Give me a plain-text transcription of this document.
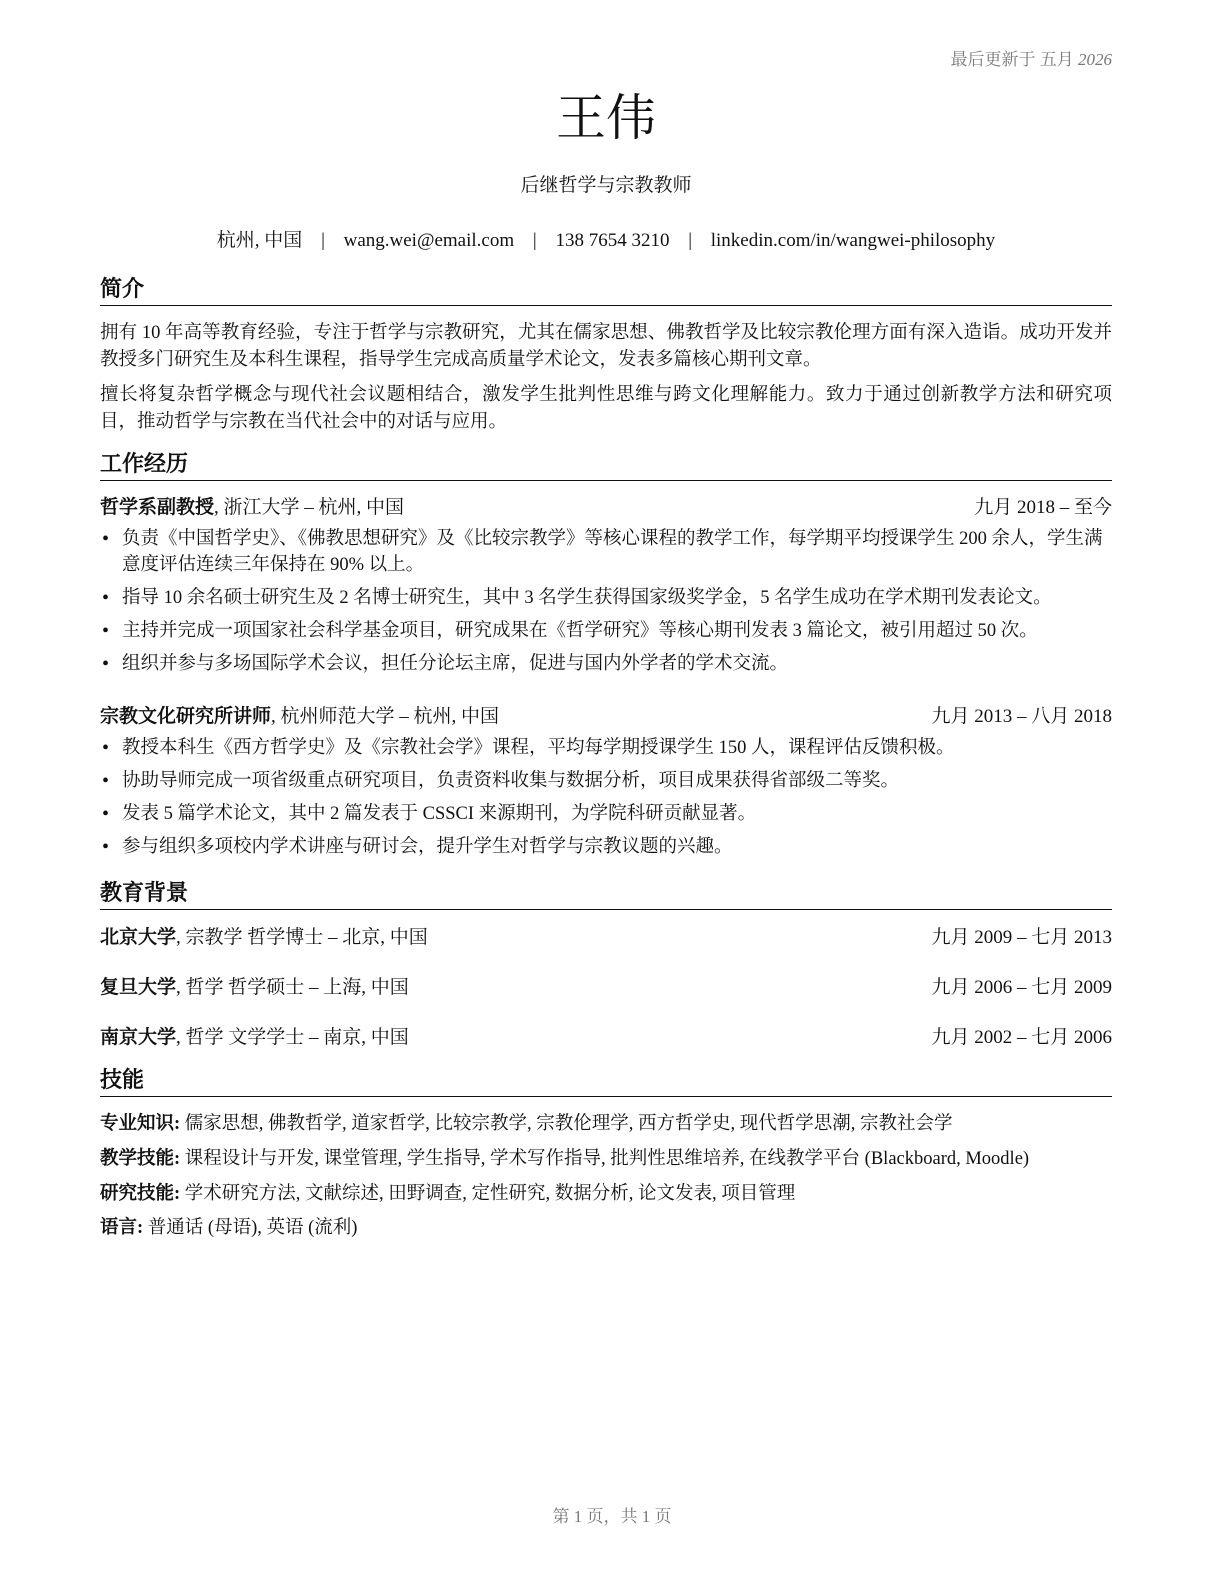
最后更新于 五月 2026
王伟
后继哲学与宗教教师
杭州, 中国 | wang.wei@email.com | 138 7654 3210 | linkedin.com/in/wangwei-philosophy
简介
拥有 10 年高等教育经验，专注于哲学与宗教研究，尤其在儒家思想、佛教哲学及比较宗教伦理方面有深入造诣。成功开发并教授多门研究生及本科生课程，指导学生完成高质量学术论文，发表多篇核心期刊文章。
擅长将复杂哲学概念与现代社会议题相结合，激发学生批判性思维与跨文化理解能力。致力于通过创新教学方法和研究项目，推动哲学与宗教在当代社会中的对话与应用。
工作经历
哲学系副教授, 浙江大学 – 杭州, 中国	九月 2018 – 至今
• 负责《中国哲学史》、《佛教思想研究》及《比较宗教学》等核心课程的教学工作，每学期平均授课学生 200 余人，学生满意度评估连续三年保持在 90% 以上。
• 指导 10 余名硕士研究生及 2 名博士研究生，其中 3 名学生获得国家级奖学金，5 名学生成功在学术期刊发表论文。
• 主持并完成一项国家社会科学基金项目，研究成果在《哲学研究》等核心期刊发表 3 篇论文，被引用超过 50 次。
• 组织并参与多场国际学术会议，担任分论坛主席，促进与国内外学者的学术交流。
宗教文化研究所讲师, 杭州师范大学 – 杭州, 中国	九月 2013 – 八月 2018
• 教授本科生《西方哲学史》及《宗教社会学》课程，平均每学期授课学生 150 人，课程评估反馈积极。
• 协助导师完成一项省级重点研究项目，负责资料收集与数据分析，项目成果获得省部级二等奖。
• 发表 5 篇学术论文，其中 2 篇发表于 CSSCI 来源期刊，为学院科研贡献显著。
• 参与组织多项校内学术讲座与研讨会，提升学生对哲学与宗教议题的兴趣。
教育背景
北京大学, 宗教学 哲学博士 – 北京, 中国	九月 2009 – 七月 2013
复旦大学, 哲学 哲学硕士 – 上海, 中国	九月 2006 – 七月 2009
南京大学, 哲学 文学学士 – 南京, 中国	九月 2002 – 七月 2006
技能
专业知识: 儒家思想, 佛教哲学, 道家哲学, 比较宗教学, 宗教伦理学, 西方哲学史, 现代哲学思潮, 宗教社会学
教学技能: 课程设计与开发, 课堂管理, 学生指导, 学术写作指导, 批判性思维培养, 在线教学平台 (Blackboard, Moodle)
研究技能: 学术研究方法, 文献综述, 田野调查, 定性研究, 数据分析, 论文发表, 项目管理
语言: 普通话 (母语), 英语 (流利)
第 1 页，共 1 页
